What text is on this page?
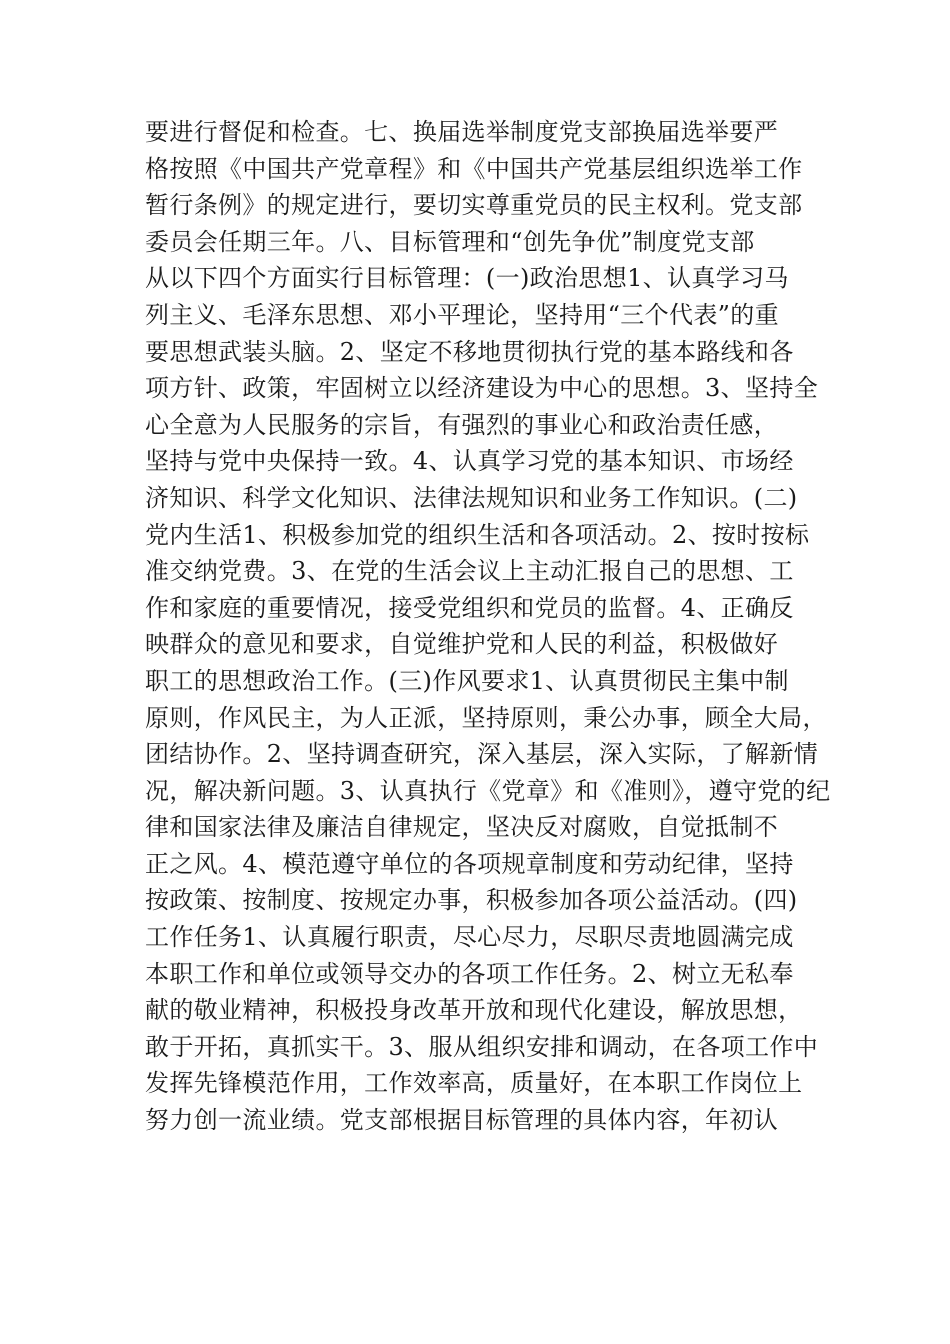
要进行督促和检查。七、换届选举制度党支部换届选举要严
格按照《中国共产党章程》和《中国共产党基层组织选举工作
暂行条例》的规定进行，要切实尊重党员的民主权利。党支部
委员会任期三年。八、目标管理和“创先争优”制度党支部
从以下四个方面实行目标管理：(一)政治思想1、认真学习马
列主义、毛泽东思想、邓小平理论，坚持用“三个代表”的重
要思想武装头脑。2、坚定不移地贯彻执行党的基本路线和各
项方针、政策，牢固树立以经济建设为中心的思想。3、坚持全
心全意为人民服务的宗旨，有强烈的事业心和政治责任感，
坚持与党中央保持一致。4、认真学习党的基本知识、市场经
济知识、科学文化知识、法律法规知识和业务工作知识。(二)
党内生活1、积极参加党的组织生活和各项活动。2、按时按标
准交纳党费。3、在党的生活会议上主动汇报自己的思想、工
作和家庭的重要情况，接受党组织和党员的监督。4、正确反
映群众的意见和要求，自觉维护党和人民的利益，积极做好
职工的思想政治工作。(三)作风要求1、认真贯彻民主集中制
原则，作风民主，为人正派，坚持原则，秉公办事，顾全大局，
团结协作。2、坚持调查研究，深入基层，深入实际，了解新情
况，解决新问题。3、认真执行《党章》和《准则》，遵守党的纪
律和国家法律及廉洁自律规定，坚决反对腐败，自觉抵制不
正之风。4、模范遵守单位的各项规章制度和劳动纪律，坚持
按政策、按制度、按规定办事，积极参加各项公益活动。(四)
工作任务1、认真履行职责，尽心尽力，尽职尽责地圆满完成
本职工作和单位或领导交办的各项工作任务。2、树立无私奉
献的敬业精神，积极投身改革开放和现代化建设，解放思想，
敢于开拓，真抓实干。3、服从组织安排和调动，在各项工作中
发挥先锋模范作用，工作效率高，质量好，在本职工作岗位上
努力创一流业绩。党支部根据目标管理的具体内容，年初认
